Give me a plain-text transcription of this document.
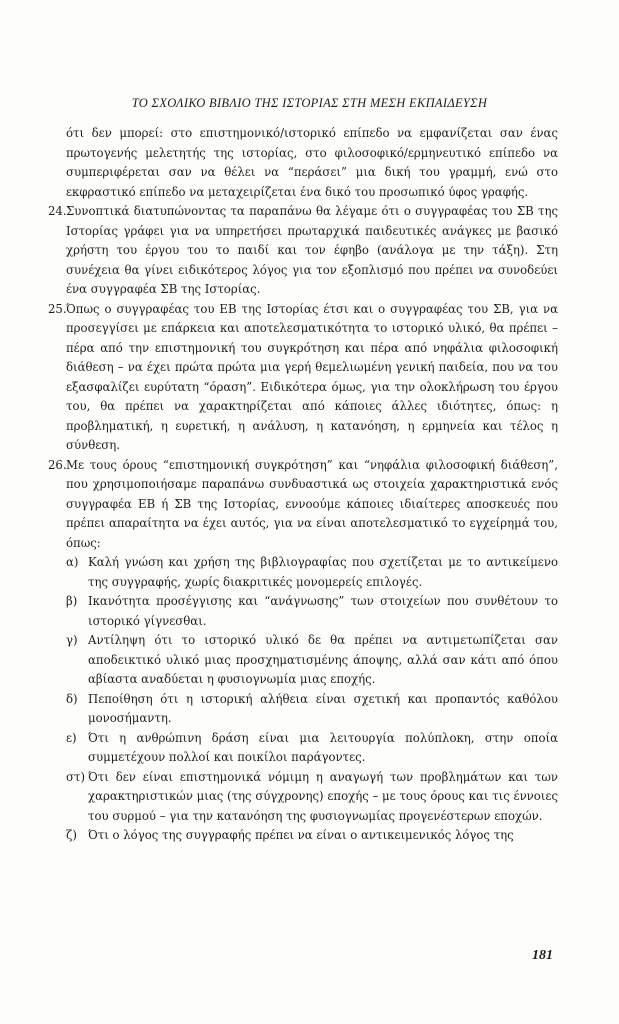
ΤΟ ΣΧΟΛΙΚΟ ΒΙΒΛΙΟ ΤΗΣ ΙΣΤΟΡΙΑΣ ΣΤΗ ΜΕΣΗ ΕΚΠΑΙΔΕΥΣΗ

ότι δεν μπορεί: στο επιστημονικό/ιστορικό επίπεδο να εμφανίζεται σαν ένας πρωτογενής μελετητής της ιστορίας, στο φιλοσοφικό/ερμηνευτικό επίπεδο να συμπεριφέρεται σαν να θέλει να “περάσει” μια δική του γραμμή, ενώ στο εκφραστικό επίπεδο να μεταχειρίζεται ένα δικό του προσωπικό ύφος γραφής.

24. Συνοπτικά διατυπώνοντας τα παραπάνω θα λέγαμε ότι ο συγγραφέας του ΣΒ της Ιστορίας γράφει για να υπηρετήσει πρωταρχικά παιδευτικές ανάγκες με βασικό χρήστη του έργου του το παιδί και τον έφηβο (ανάλογα με την τάξη). Στη συνέχεια θα γίνει ειδικότερος λόγος για τον εξοπλισμό που πρέπει να συνοδεύει ένα συγγραφέα ΣΒ της Ιστορίας.

25. Όπως ο συγγραφέας του ΕΒ της Ιστορίας έτσι και ο συγγραφέας του ΣΒ, για να προσεγγίσει με επάρκεια και αποτελεσματικότητα το ιστορικό υλικό, θα πρέπει – πέρα από την επιστημονική του συγκρότηση και πέρα από νηφάλια φιλοσοφική διάθεση – να έχει πρώτα πρώτα μια γερή θεμελιωμένη γενική παιδεία, που να του εξασφαλίζει ευρύτατη “όραση”. Ειδικότερα όμως, για την ολοκλήρωση του έργου του, θα πρέπει να χαρακτηρίζεται από κάποιες άλλες ιδιότητες, όπως: η προβληματική, η ευρετική, η ανάλυση, η κατανόηση, η ερμηνεία και τέλος η σύνθεση.

26. Με τους όρους “επιστημονική συγκρότηση” και “νηφάλια φιλοσοφική διάθεση”, που χρησιμοποιήσαμε παραπάνω συνδυαστικά ως στοιχεία χαρακτηριστικά ενός συγγραφέα ΕΒ ή ΣΒ της Ιστορίας, εννοούμε κάποιες ιδιαίτερες αποσκευές που πρέπει απαραίτητα να έχει αυτός, για να είναι αποτελεσματικό το εγχείρημά του, όπως:

α) Καλή γνώση και χρήση της βιβλιογραφίας που σχετίζεται με το αντικείμενο της συγγραφής, χωρίς διακριτικές μονομερείς επιλογές.

β) Ικανότητα προσέγγισης και “ανάγνωσης” των στοιχείων που συνθέτουν το ιστορικό γίγνεσθαι.

γ) Αντίληψη ότι το ιστορικό υλικό δε θα πρέπει να αντιμετωπίζεται σαν αποδεικτικό υλικό μιας προσχηματισμένης άποψης, αλλά σαν κάτι από όπου αβίαστα αναδύεται η φυσιογνωμία μιας εποχής.

δ) Πεποίθηση ότι η ιστορική αλήθεια είναι σχετική και προπαντός καθόλου μονοσήμαντη.

ε) Ότι η ανθρώπινη δράση είναι μια λειτουργία πολύπλοκη, στην οποία συμμετέχουν πολλοί και ποικίλοι παράγοντες.

στ) Ότι δεν είναι επιστημονικά νόμιμη η αναγωγή των προβλημάτων και των χαρακτηριστικών μιας (της σύγχρονης) εποχής – με τους όρους και τις έννοιες του συρμού – για την κατανόηση της φυσιογνωμίας προγενέστερων εποχών.

ζ) Ότι ο λόγος της συγγραφής πρέπει να είναι ο αντικειμενικός λόγος της

181
